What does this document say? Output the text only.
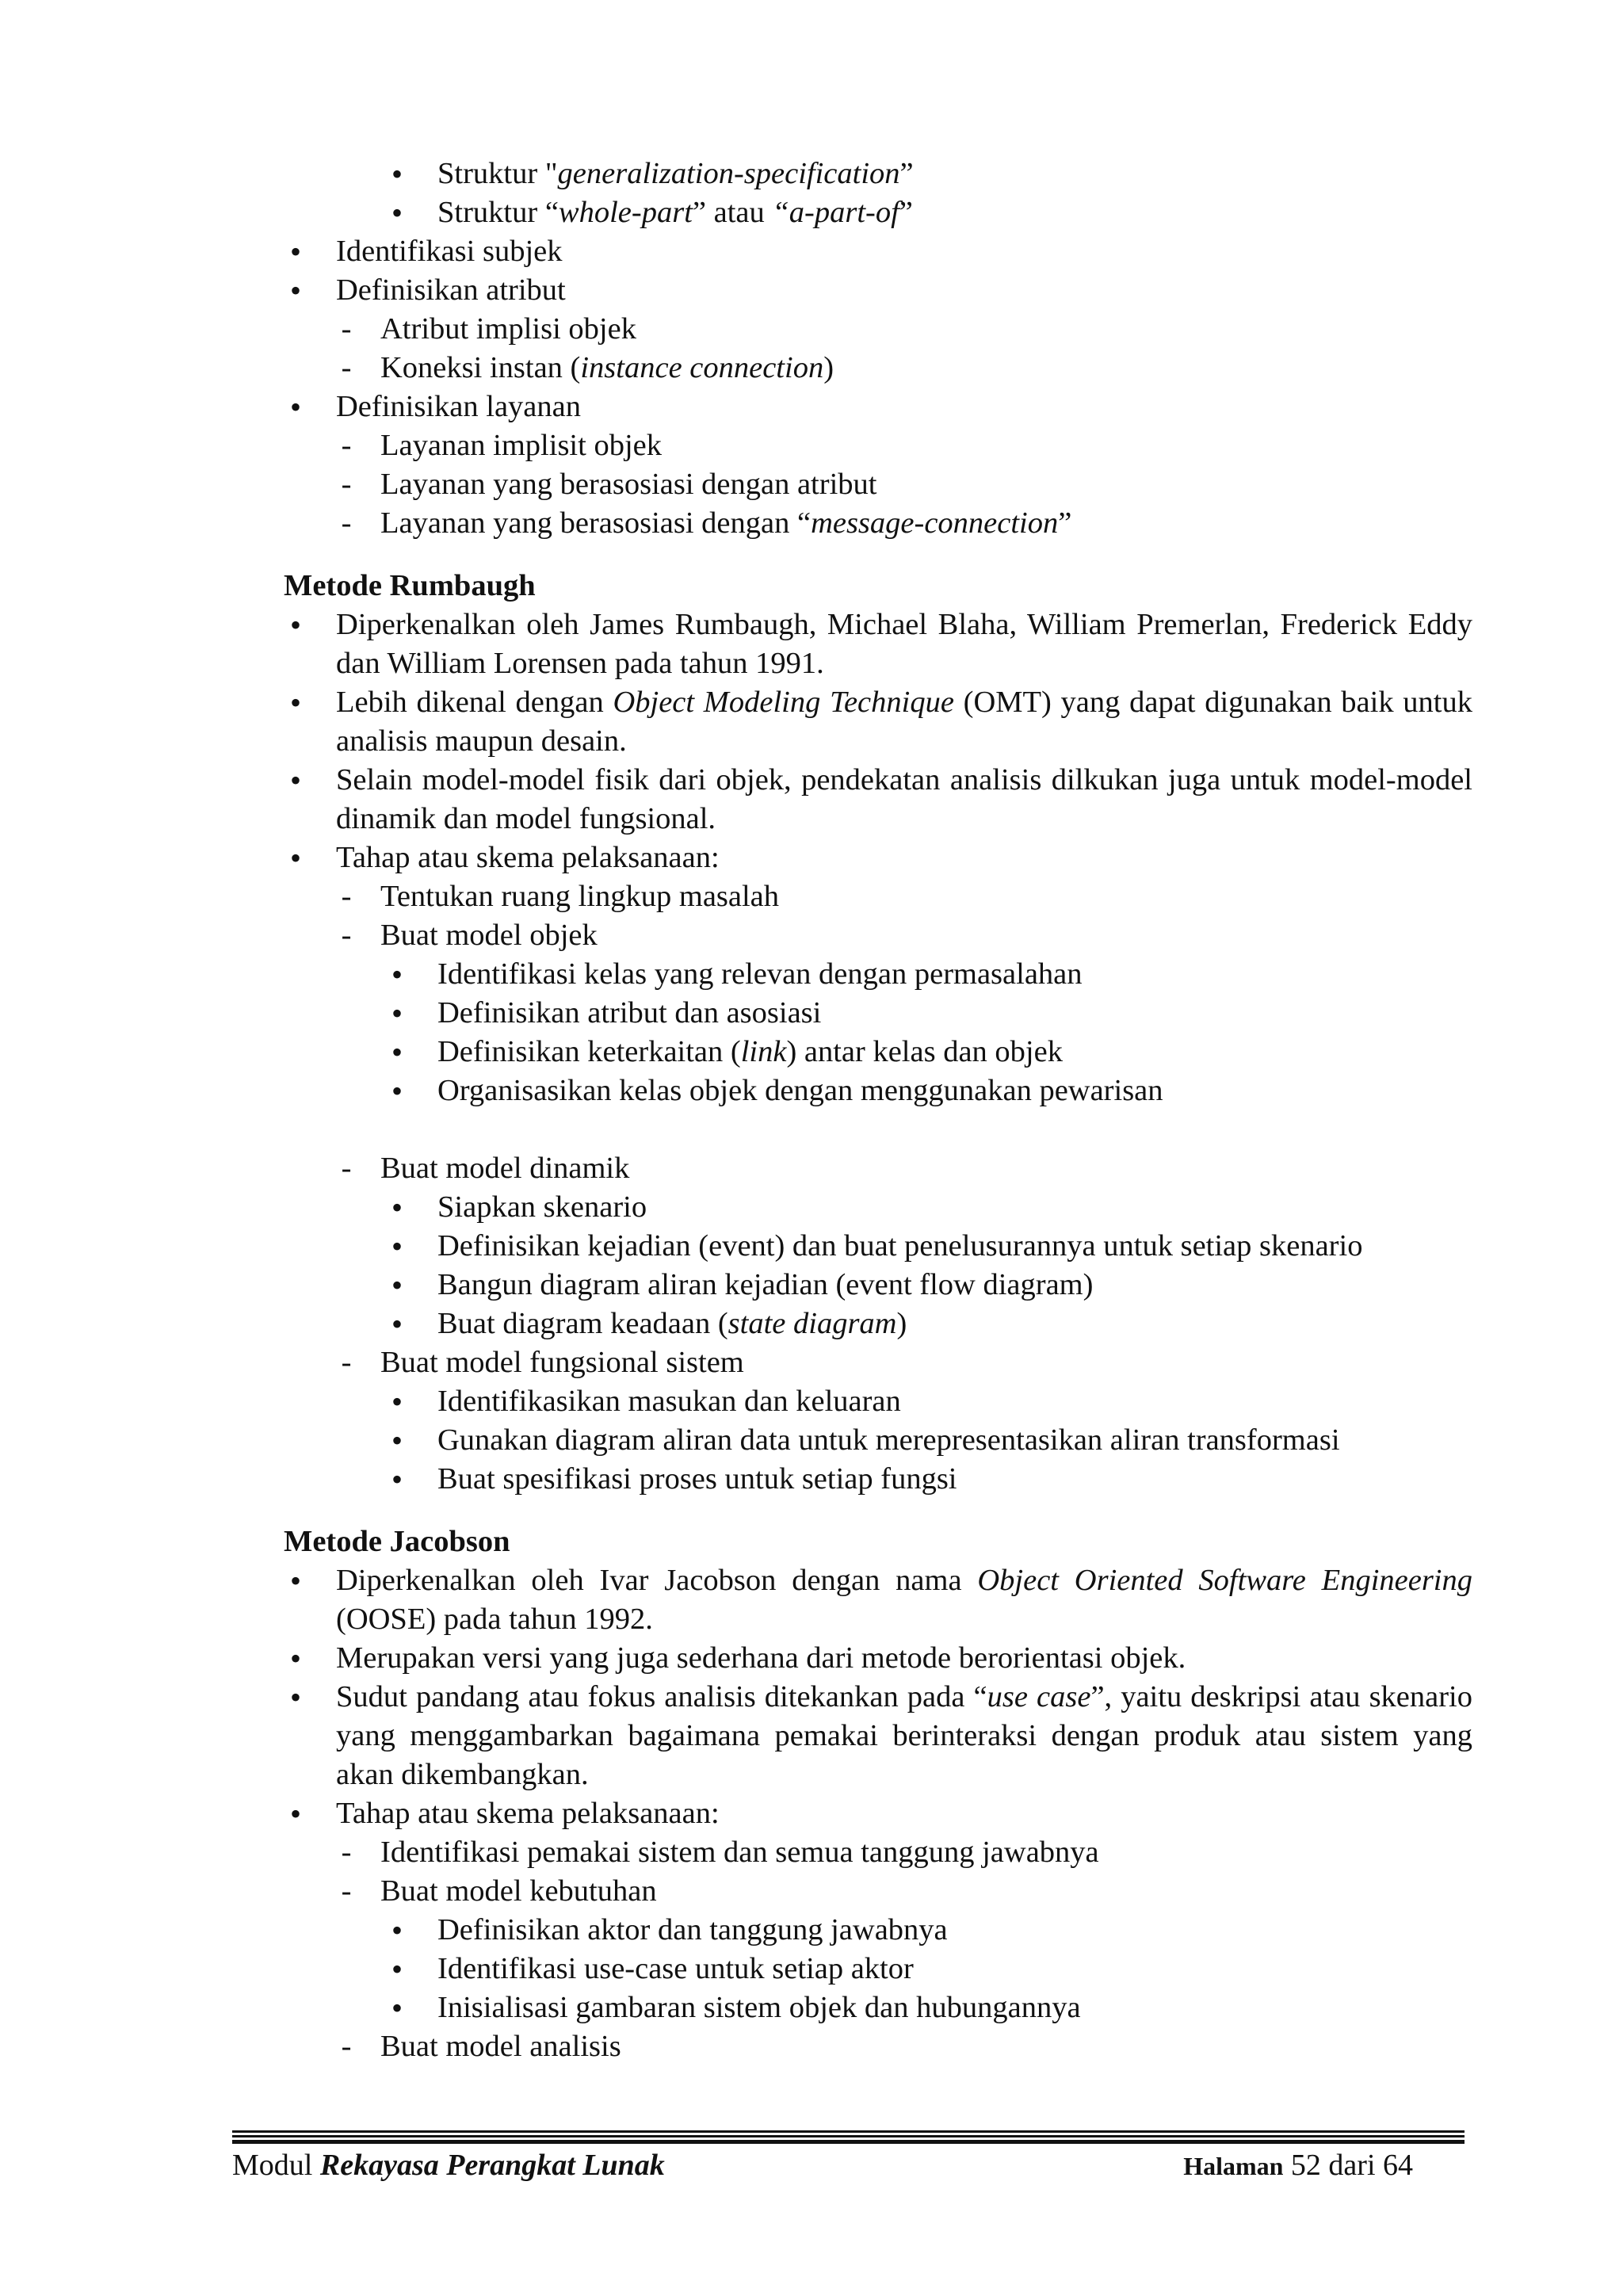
•
Struktur "generalization-specification”
•
Struktur “whole-part” atau “a-part-of”
•
Identifikasi subjek
•
Definisikan atribut
-
Atribut implisi objek
-
Koneksi instan (instance connection)
•
Definisikan layanan
-
Layanan implisit objek
-
Layanan yang berasosiasi dengan atribut
-
Layanan yang berasosiasi dengan “message-connection”
Metode Rumbaugh
•
Diperkenalkan oleh James Rumbaugh, Michael Blaha, William Premerlan, Frederick Eddy dan William Lorensen pada tahun 1991.
•
Lebih dikenal dengan Object Modeling Technique (OMT) yang dapat digunakan baik untuk analisis maupun desain.
•
Selain model-model fisik dari objek, pendekatan analisis dilkukan juga untuk model-model dinamik dan model fungsional.
•
Tahap atau skema pelaksanaan:
-
Tentukan ruang lingkup masalah
-
Buat model objek
•
Identifikasi kelas yang relevan dengan permasalahan
•
Definisikan atribut dan asosiasi
•
Definisikan keterkaitan (link) antar kelas dan objek
•
Organisasikan kelas objek dengan menggunakan pewarisan
-
Buat model dinamik
•
Siapkan skenario
•
Definisikan kejadian (event) dan buat penelusurannya untuk setiap skenario
•
Bangun diagram aliran kejadian (event flow diagram)
•
Buat diagram keadaan (state diagram)
-
Buat model fungsional sistem
•
Identifikasikan masukan dan keluaran
•
Gunakan diagram aliran data untuk merepresentasikan aliran transformasi
•
Buat spesifikasi proses untuk setiap fungsi
Metode Jacobson
•
Diperkenalkan oleh Ivar Jacobson dengan nama Object Oriented Software Engineering (OOSE) pada tahun 1992.
•
Merupakan versi yang juga sederhana dari metode berorientasi objek.
•
Sudut pandang atau fokus analisis ditekankan pada “use case”, yaitu deskripsi atau skenario yang menggambarkan bagaimana pemakai berinteraksi dengan produk atau sistem yang akan dikembangkan.
•
Tahap atau skema pelaksanaan:
-
Identifikasi pemakai sistem dan semua tanggung jawabnya
-
Buat model kebutuhan
•
Definisikan aktor dan tanggung jawabnya
•
Identifikasi use-case untuk setiap aktor
•
Inisialisasi gambaran sistem objek dan hubungannya
-
Buat model analisis
Modul Rekayasa Perangkat Lunak	Halaman 52 dari 64
